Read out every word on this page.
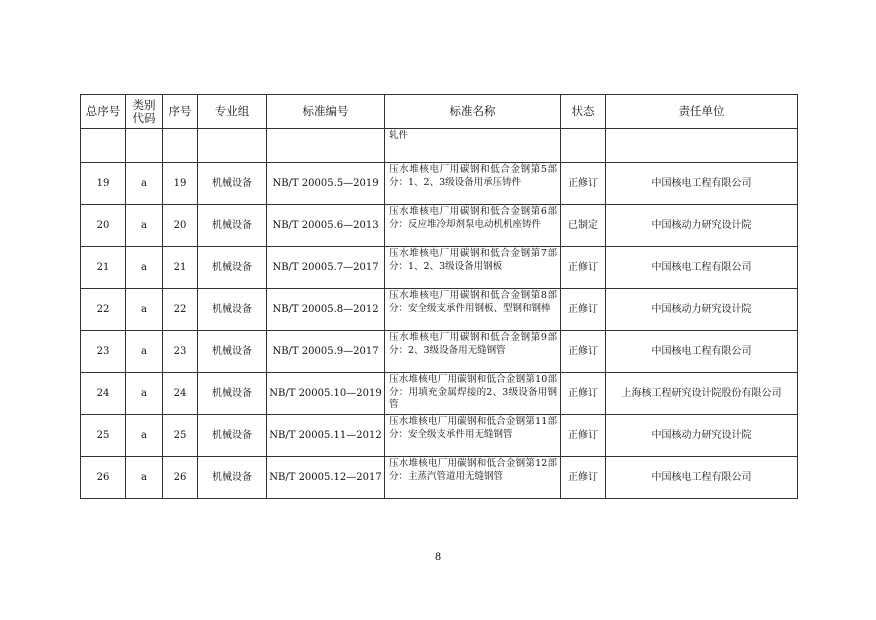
总序号	类别代码	序号	专业组	标准编号	标准名称	状态	责任单位
					轧件		
19	a	19	机械设备	NB/T 20005.5—2019	压水堆核电厂用碳钢和低合金钢第5部分：1、2、3级设备用承压铸件	正修订	中国核电工程有限公司
20	a	20	机械设备	NB/T 20005.6—2013	压水堆核电厂用碳钢和低合金钢第6部分：反应堆冷却剂泵电动机机座铸件	已制定	中国核动力研究设计院
21	a	21	机械设备	NB/T 20005.7—2017	压水堆核电厂用碳钢和低合金钢第7部分：1、2、3级设备用钢板	正修订	中国核电工程有限公司
22	a	22	机械设备	NB/T 20005.8—2012	压水堆核电厂用碳钢和低合金钢第8部分：安全级支承件用钢板、型钢和钢棒	正修订	中国核动力研究设计院
23	a	23	机械设备	NB/T 20005.9—2017	压水堆核电厂用碳钢和低合金钢第9部分：2、3级设备用无缝钢管	正修订	中国核电工程有限公司
24	a	24	机械设备	NB/T 20005.10—2019	压水堆核电厂用碳钢和低合金钢第10部分：用填充金属焊接的2、3级设备用钢管	正修订	上海核工程研究设计院股份有限公司
25	a	25	机械设备	NB/T 20005.11—2012	压水堆核电厂用碳钢和低合金钢第11部分：安全级支承件用无缝钢管	正修订	中国核动力研究设计院
26	a	26	机械设备	NB/T 20005.12—2017	压水堆核电厂用碳钢和低合金钢第12部分：主蒸汽管道用无缝钢管	正修订	中国核电工程有限公司
8
